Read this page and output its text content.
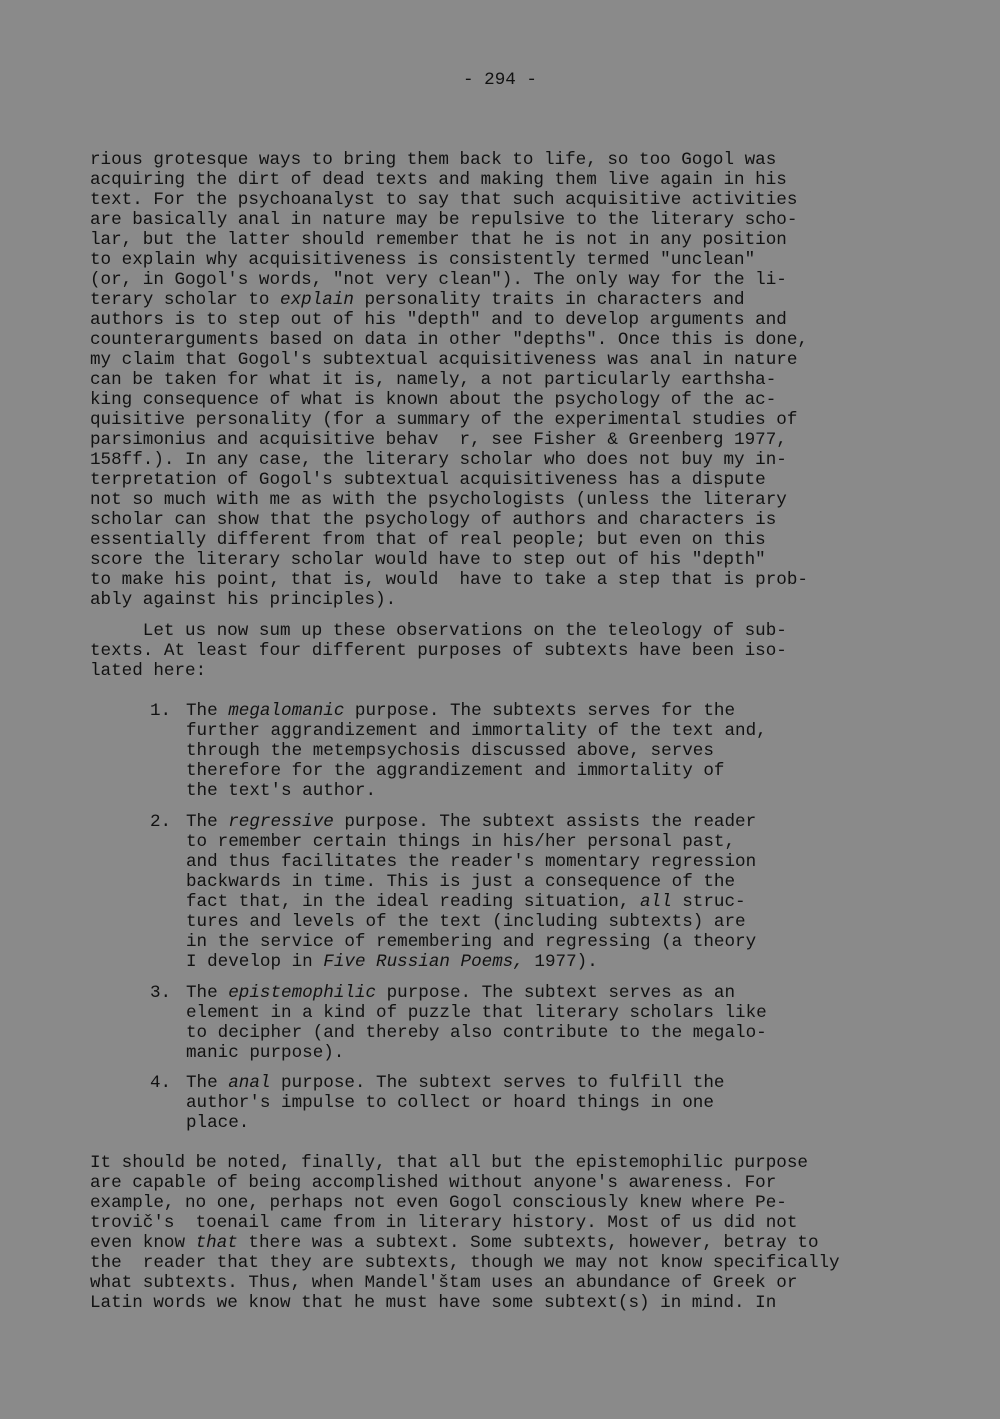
- 294 -
rious grotesque ways to bring them back to life, so too Gogol was
acquiring the dirt of dead texts and making them live again in his
text. For the psychoanalyst to say that such acquisitive activities
are basically anal in nature may be repulsive to the literary scho-
lar, but the latter should remember that he is not in any position
to explain why acquisitiveness is consistently termed "unclean"
(or, in Gogol's words, "not very clean"). The only way for the li-
terary scholar to explain personality traits in characters and
authors is to step out of his "depth" and to develop arguments and
counterarguments based on data in other "depths". Once this is done,
my claim that Gogol's subtextual acquisitiveness was anal in nature
can be taken for what it is, namely, a not particularly earthsha-
king consequence of what is known about the psychology of the ac-
quisitive personality (for a summary of the experimental studies of
parsimonius and acquisitive behav  r, see Fisher & Greenberg 1977,
158ff.). In any case, the literary scholar who does not buy my in-
terpretation of Gogol's subtextual acquisitiveness has a dispute
not so much with me as with the psychologists (unless the literary
scholar can show that the psychology of authors and characters is
essentially different from that of real people; but even on this
score the literary scholar would have to step out of his "depth"
to make his point, that is, would  have to take a step that is prob-
ably against his principles).
Let us now sum up these observations on the teleology of sub-
texts. At least four different purposes of subtexts have been iso-
lated here:
1. The megalomanic purpose. The subtexts serves for the
further aggrandizement and immortality of the text and,
through the metempsychosis discussed above, serves
therefore for the aggrandizement and immortality of
the text's author.
2. The regressive purpose. The subtext assists the reader
to remember certain things in his/her personal past,
and thus facilitates the reader's momentary regression
backwards in time. This is just a consequence of the
fact that, in the ideal reading situation, all struc-
tures and levels of the text (including subtexts) are
in the service of remembering and regressing (a theory
I develop in Five Russian Poems, 1977).
3. The epistemophilic purpose. The subtext serves as an
element in a kind of puzzle that literary scholars like
to decipher (and thereby also contribute to the megalo-
manic purpose).
4. The anal purpose. The subtext serves to fulfill the
author's impulse to collect or hoard things in one
place.
It should be noted, finally, that all but the epistemophilic purpose
are capable of being accomplished without anyone's awareness. For
example, no one, perhaps not even Gogol consciously knew where Pe-
trovič's  toenail came from in literary history. Most of us did not
even know that there was a subtext. Some subtexts, however, betray to
the  reader that they are subtexts, though we may not know specifically
what subtexts. Thus, when Mandel'štam uses an abundance of Greek or
Latin words we know that he must have some subtext(s) in mind. In
